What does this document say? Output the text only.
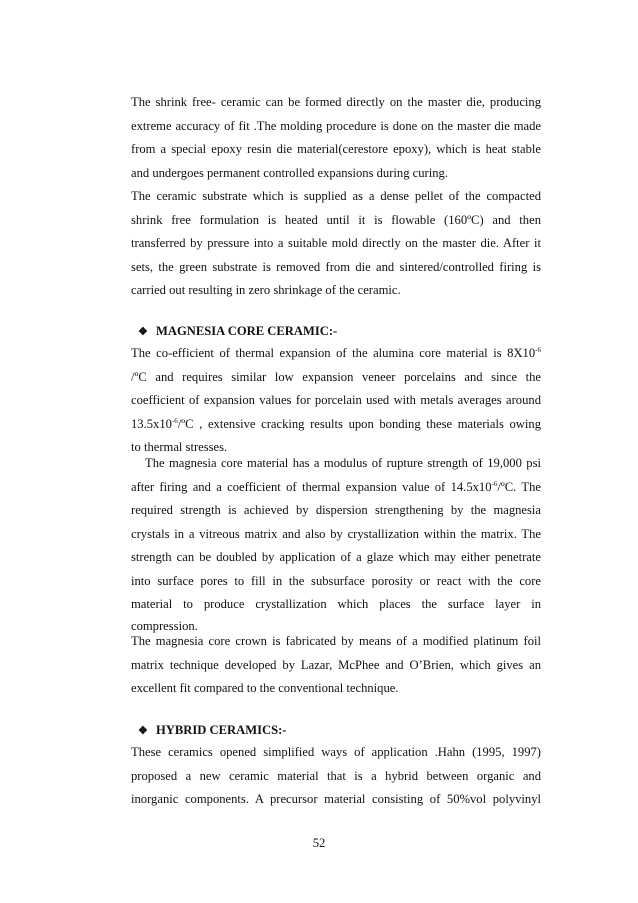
The shrink free- ceramic can be formed directly on the master die, producing
extreme accuracy of fit .The molding procedure is done on the master die made
from a special epoxy resin die material(cerestore epoxy), which is heat stable
and undergoes permanent controlled expansions during curing.
The ceramic substrate which is supplied as a dense pellet of the compacted
shrink free formulation is heated until it is flowable (160ºC) and then
transferred by pressure into a suitable mold directly on the master die. After it
sets, the green substrate is removed from die and sintered/controlled firing is
carried out resulting in zero shrinkage of the ceramic.
❖ MAGNESIA CORE CERAMIC:-
The co-efficient of thermal expansion of the alumina core material is $8X10^{-6}$
/ºC and requires similar low expansion veneer porcelains and since the
coefficient of expansion values for porcelain used with metals averages around
$13.5x10^{-6}/ºC$ , extensive cracking results upon bonding these materials owing
to thermal stresses.
The magnesia core material has a modulus of rupture strength of 19,000 psi
after firing and a coefficient of thermal expansion value of $14.5x10^{-6}/ºC$. The
required strength is achieved by dispersion strengthening by the magnesia
crystals in a vitreous matrix and also by crystallization within the matrix. The
strength can be doubled by application of a glaze which may either penetrate
into surface pores to fill in the subsurface porosity or react with the core
material to produce crystallization which places the surface layer in
compression.
The magnesia core crown is fabricated by means of a modified platinum foil
matrix technique developed by Lazar, McPhee and O’Brien, which gives an
excellent fit compared to the conventional technique.
❖ HYBRID CERAMICS:-
These ceramics opened simplified ways of application .Hahn (1995, 1997)
proposed a new ceramic material that is a hybrid between organic and
inorganic components. A precursor material consisting of 50%vol polyvinyl
52
